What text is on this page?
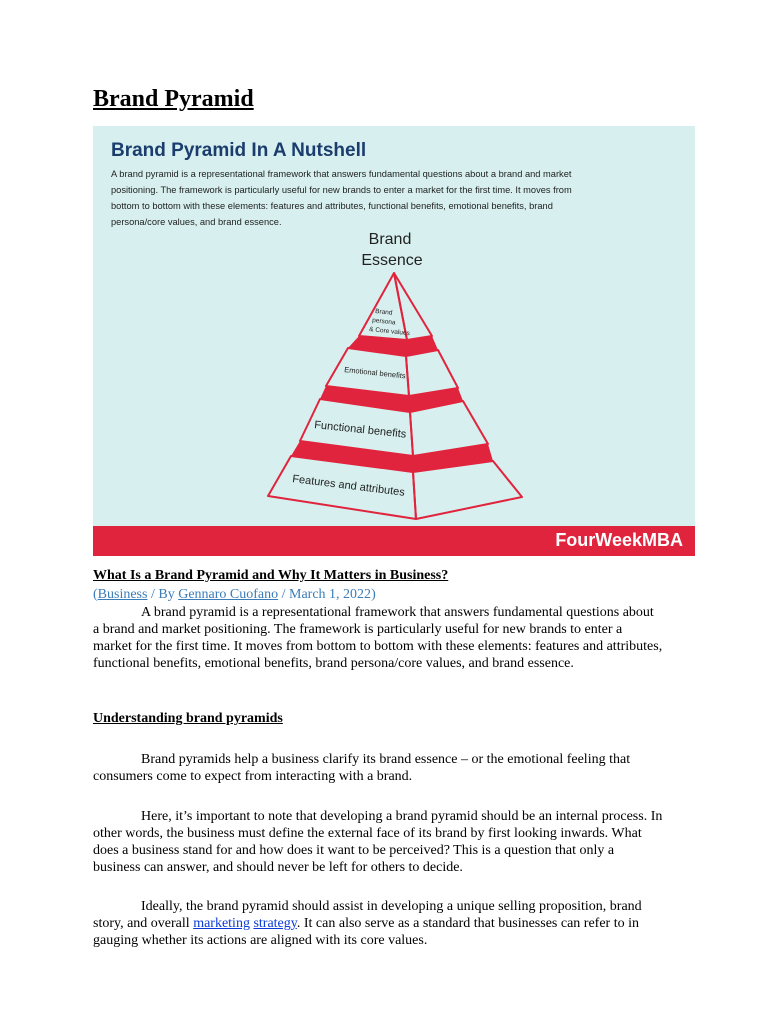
Brand Pyramid
Brand Pyramid In A Nutshell

A brand pyramid is a representational framework that answers fundamental questions about a brand and market positioning. The framework is particularly useful for new brands to enter a market for the first time. It moves from bottom to bottom with these elements: features and attributes, functional benefits, emotional benefits, brand persona/core values, and brand essence.

Brand
Essence
Brand
persona
& Core values
Emotional benefits
Functional benefits
Features and attributes
FourWeekMBA
What Is a Brand Pyramid and Why It Matters in Business?
(Business / By Gennaro Cuofano / March 1, 2022)

A brand pyramid is a representational framework that answers fundamental questions about a brand and market positioning. The framework is particularly useful for new brands to enter a market for the first time. It moves from bottom to bottom with these elements: features and attributes, functional benefits, emotional benefits, brand persona/core values, and brand essence.

Understanding brand pyramids

Brand pyramids help a business clarify its brand essence – or the emotional feeling that consumers come to expect from interacting with a brand.

Here, it’s important to note that developing a brand pyramid should be an internal process. In other words, the business must define the external face of its brand by first looking inwards. What does a business stand for and how does it want to be perceived? This is a question that only a business can answer, and should never be left for others to decide.

Ideally, the brand pyramid should assist in developing a unique selling proposition, brand story, and overall marketing strategy. It can also serve as a standard that businesses can refer to in gauging whether its actions are aligned with its core values.
